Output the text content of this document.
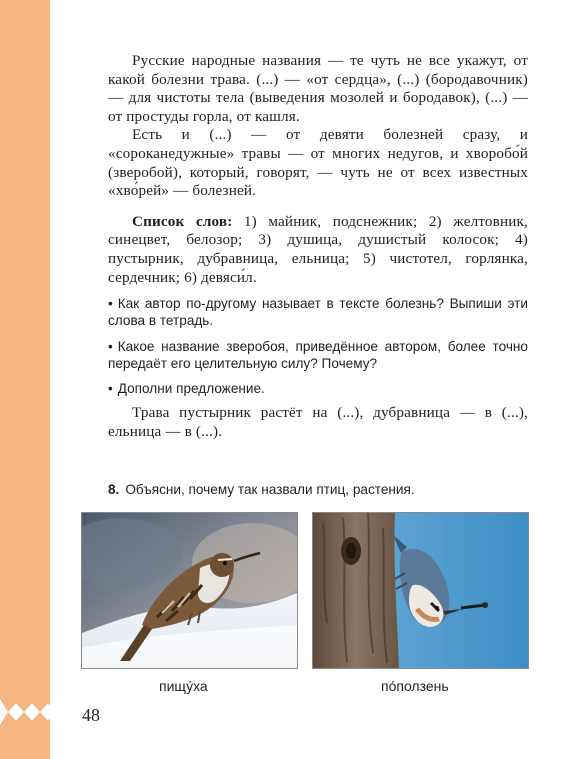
Русские народные названия — те чуть не все укажут, от какой болезни трава. (...) — «от сердца», (...) (бородавочник) — для чистоты тела (выведения мозолей и бородавок), (...) — от простуды горла, от кашля.

Есть и (...) — от девяти болезней сразу, и «сороканедужные» травы — от многих недугов, и хворобо́й (зверобой), который, говорят, — чуть не от всех известных «хво́рей» — болезней.

Список слов: 1) майник, подснежник; 2) желтовник, синецвет, белозор; 3) душица, душистый колосок; 4) пустырник, дубравница, ельница; 5) чистотел, горлянка, сердечник; 6) девяси́л.

• Как автор по-другому называет в тексте болезнь? Выпиши эти слова в тетрадь.

• Какое название зверобоя, приведённое автором, более точно передаёт его целительную силу? Почему?

• Дополни предложение.

Трава пустырник растёт на (...), дубравница — в (...), ельница — в (...).

8. Объясни, почему так назвали птиц, растения.
пищу́ха	по́ползень
48
